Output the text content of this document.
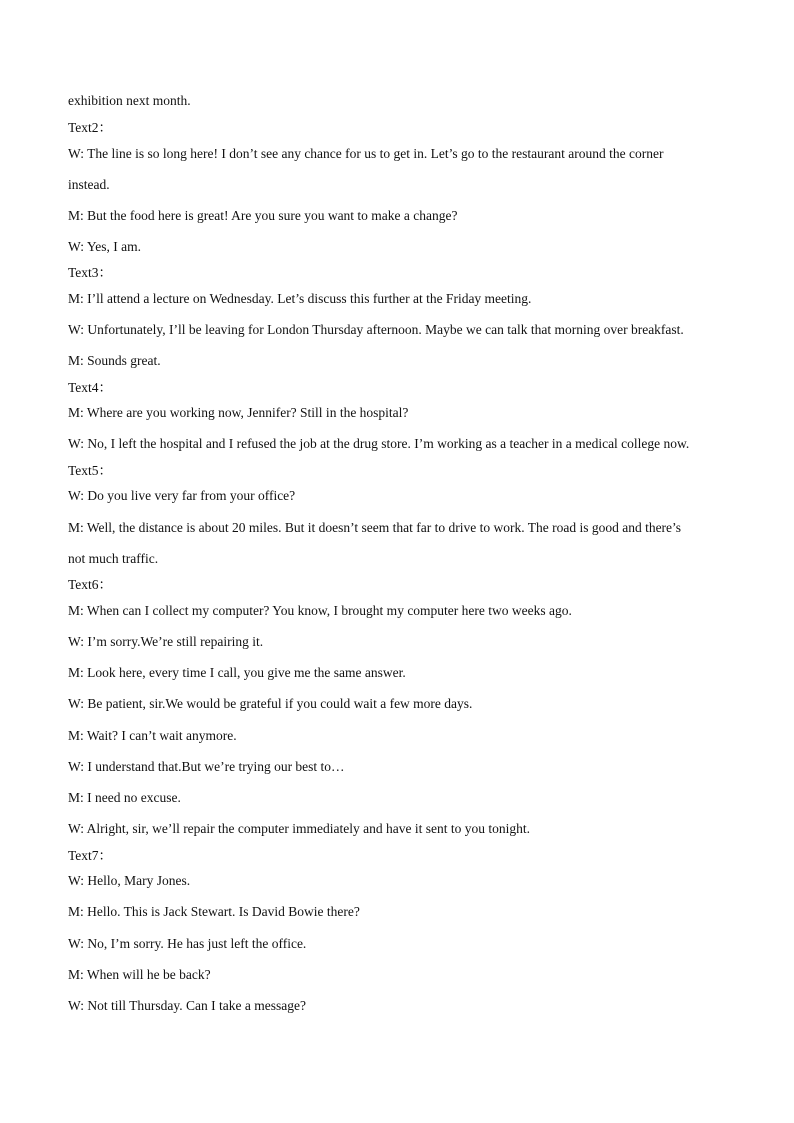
exhibition next month.
Text2：
W: The line is so long here! I don’t see any chance for us to get in. Let’s go to the restaurant around the corner
instead.
M: But the food here is great! Are you sure you want to make a change?
W: Yes, I am.
Text3：
M: I’ll attend a lecture on Wednesday. Let’s discuss this further at the Friday meeting.
W: Unfortunately, I’ll be leaving for London Thursday afternoon. Maybe we can talk that morning over breakfast.
M: Sounds great.
Text4：
M: Where are you working now, Jennifer? Still in the hospital?
W: No, I left the hospital and I refused the job at the drug store. I’m working as a teacher in a medical college now.
Text5：
W: Do you live very far from your office?
M: Well, the distance is about 20 miles. But it doesn’t seem that far to drive to work. The road is good and there’s
not much traffic.
Text6：
M: When can I collect my computer? You know, I brought my computer here two weeks ago.
W: I’m sorry.We’re still repairing it.
M: Look here, every time I call, you give me the same answer.
W: Be patient, sir.We would be grateful if you could wait a few more days.
M: Wait? I can’t wait anymore.
W: I understand that.But we’re trying our best to…
M: I need no excuse.
W: Alright, sir, we’ll repair the computer immediately and have it sent to you tonight.
Text7：
W: Hello, Mary Jones.
M: Hello. This is Jack Stewart. Is David Bowie there?
W: No, I’m sorry. He has just left the office.
M: When will he be back?
W: Not till Thursday. Can I take a message?
